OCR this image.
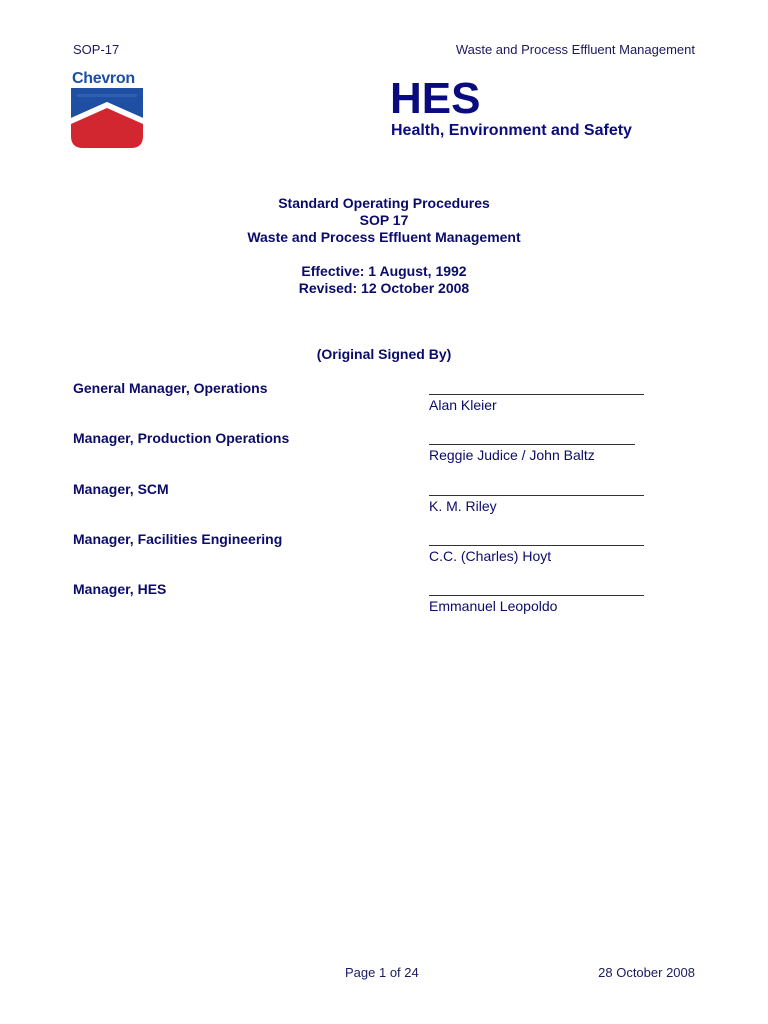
SOP-17	Waste and Process Effluent Management
Chevron	HES
Health, Environment and Safety
Standard Operating Procedures
SOP 17
Waste and Process Effluent Management
Effective: 1 August, 1992
Revised: 12 October 2008
(Original Signed By)
General Manager, Operations
Alan Kleier
Manager, Production Operations
Reggie Judice / John Baltz
Manager, SCM
K. M. Riley
Manager, Facilities Engineering
C.C. (Charles) Hoyt
Manager, HES
Emmanuel Leopoldo
Page 1 of 24	28 October 2008
